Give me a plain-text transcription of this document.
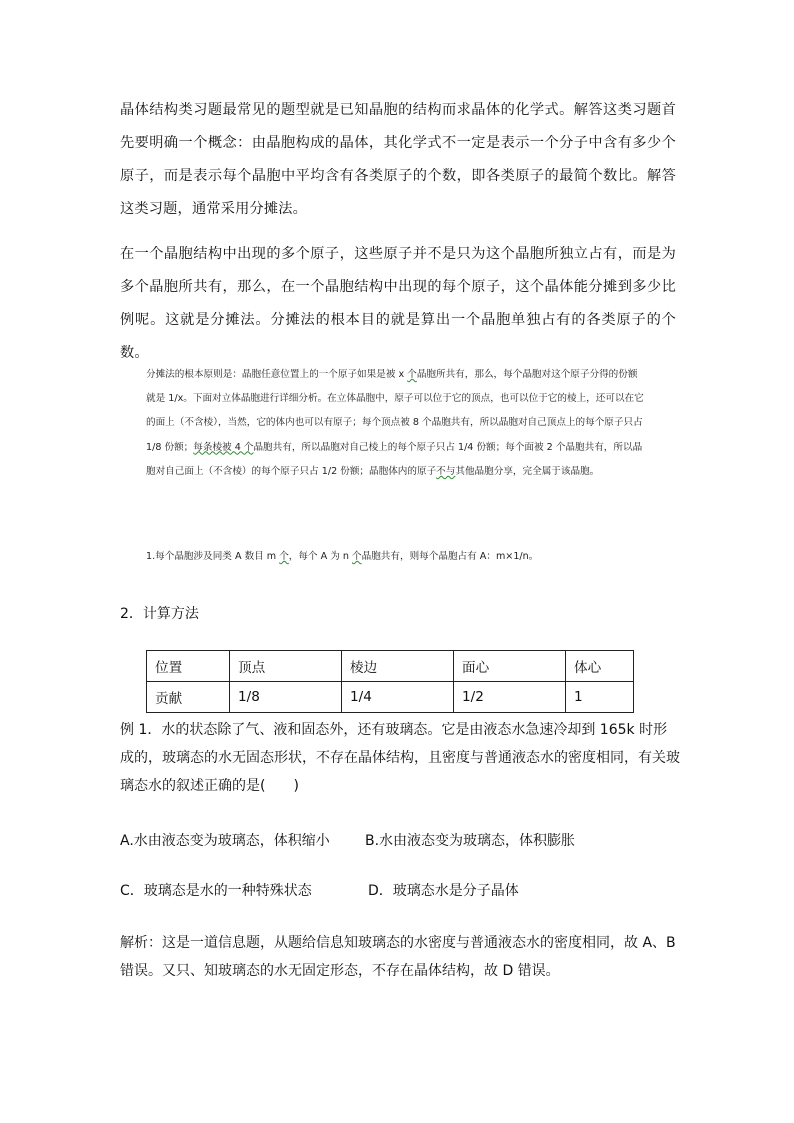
晶体结构类习题最常见的题型就是已知晶胞的结构而求晶体的化学式。解答这类习题首先要明确一个概念：由晶胞构成的晶体，其化学式不一定是表示一个分子中含有多少个原子，而是表示每个晶胞中平均含有各类原子的个数，即各类原子的最简个数比。解答这类习题，通常采用分摊法。

在一个晶胞结构中出现的多个原子，这些原子并不是只为这个晶胞所独立占有，而是为多个晶胞所共有，那么，在一个晶胞结构中出现的每个原子，这个晶体能分摊到多少比例呢。这就是分摊法。分摊法的根本目的就是算出一个晶胞单独占有的各类原子的个数。

分摊法的根本原则是：晶胞任意位置上的一个原子如果是被 x 个晶胞所共有，那么，每个晶胞对这个原子分得的份额就是 1/x。下面对立体晶胞进行详细分析。在立体晶胞中，原子可以位于它的顶点，也可以位于它的棱上，还可以在它的面上（不含棱），当然，它的体内也可以有原子；每个顶点被 8 个晶胞共有，所以晶胞对自己顶点上的每个原子只占 1/8 份额；每条棱被 4 个晶胞共有，所以晶胞对自己棱上的每个原子只占 1/4 份额；每个面被 2 个晶胞共有，所以晶胞对自己面上（不含棱）的每个原子只占 1/2 份额；晶胞体内的原子不与其他晶胞分享，完全属于该晶胞。

1.每个晶胞涉及同类 A 数目 m 个，每个 A 为 n 个晶胞共有，则每个晶胞占有 A：m×1/n。

2．计算方法

位置	顶点	棱边	面心	体心
贡献	1/8	1/4	1/2	1

例 1．水的状态除了气、液和固态外，还有玻璃态。它是由液态水急速冷却到 165k 时形成的，玻璃态的水无固态形状，不存在晶体结构，且密度与普通液态水的密度相同，有关玻璃态水的叙述正确的是(　　)

A.水由液态变为玻璃态，体积缩小	B.水由液态变为玻璃态，体积膨胀

C．玻璃态是水的一种特殊状态	D．玻璃态水是分子晶体

解析：这是一道信息题，从题给信息知玻璃态的水密度与普通液态水的密度相同，故 A、B 错误。又只、知玻璃态的水无固定形态，不存在晶体结构，故 D 错误。
